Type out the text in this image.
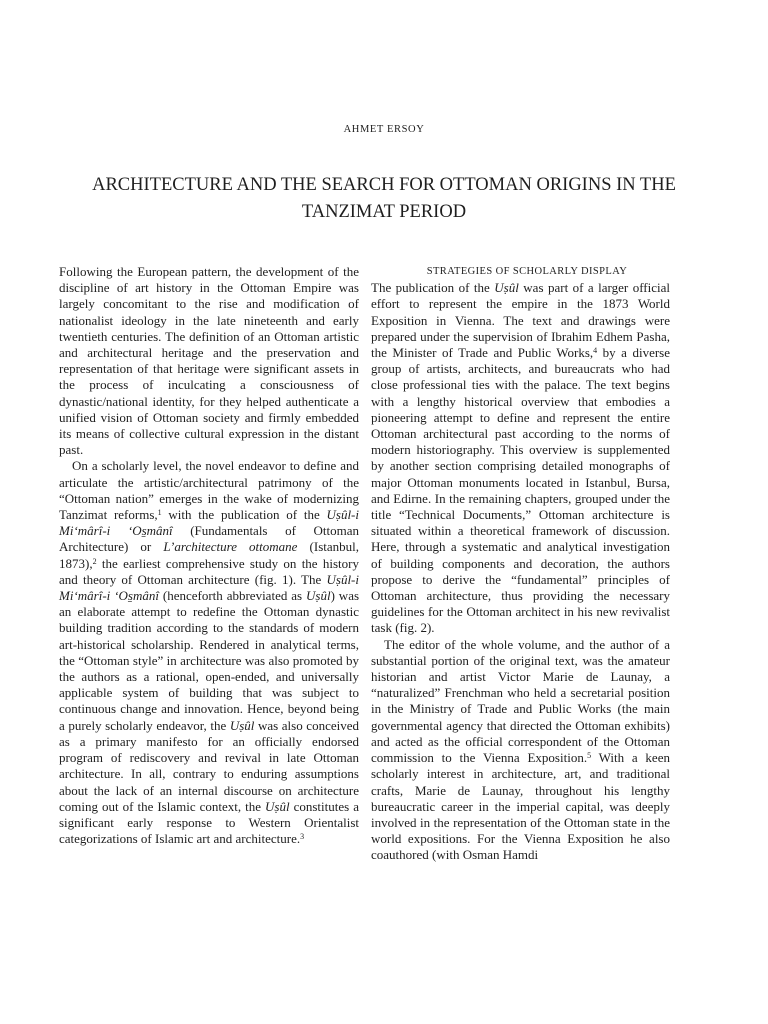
AHMET ERSOY
ARCHITECTURE AND THE SEARCH FOR OTTOMAN ORIGINS IN THE TANZIMAT PERIOD

Following the European pattern, the development of the discipline of art history in the Ottoman Empire was largely concomitant to the rise and modification of nationalist ideology in the late nineteenth and early twentieth centuries. The definition of an Ottoman artistic and architectural heritage and the preservation and representation of that heritage were significant assets in the process of inculcating a consciousness of dynastic/national identity, for they helped authenticate a unified vision of Ottoman society and firmly embedded its means of collective cultural expression in the distant past.

On a scholarly level, the novel endeavor to define and articulate the artistic/architectural patrimony of the “Ottoman nation” emerges in the wake of modernizing Tanzimat reforms,$^1$ with the publication of the Uṣûl-i Mi‘mârî-i ‘Os̱mânî (Fundamentals of Ottoman Architecture) or L’architecture ottomane (Istanbul, 1873),$^2$ the earliest comprehensive study on the history and theory of Ottoman architecture (fig. 1). The Uṣûl-i Mi‘mârî-i ‘Os̱mânî (henceforth abbreviated as Uṣûl) was an elaborate attempt to redefine the Ottoman dynastic building tradition according to the standards of modern art-historical scholarship. Rendered in analytical terms, the “Ottoman style” in architecture was also promoted by the authors as a rational, open-ended, and universally applicable system of building that was subject to continuous change and innovation. Hence, beyond being a purely scholarly endeavor, the Uṣûl was also conceived as a primary manifesto for an officially endorsed program of rediscovery and revival in late Ottoman architecture. In all, contrary to enduring assumptions about the lack of an internal discourse on architecture coming out of the Islamic context, the Uṣûl constitutes a significant early response to Western Orientalist categorizations of Islamic art and architecture.$^3$

STRATEGIES OF SCHOLARLY DISPLAY

The publication of the Uṣûl was part of a larger official effort to represent the empire in the 1873 World Exposition in Vienna. The text and drawings were prepared under the supervision of Ibrahim Edhem Pasha, the Minister of Trade and Public Works,$^4$ by a diverse group of artists, architects, and bureaucrats who had close professional ties with the palace. The text begins with a lengthy historical overview that embodies a pioneering attempt to define and represent the entire Ottoman architectural past according to the norms of modern historiography. This overview is supplemented by another section comprising detailed monographs of major Ottoman monuments located in Istanbul, Bursa, and Edirne. In the remaining chapters, grouped under the title “Technical Documents,” Ottoman architecture is situated within a theoretical framework of discussion. Here, through a systematic and analytical investigation of building components and decoration, the authors propose to derive the “fundamental” principles of Ottoman architecture, thus providing the necessary guidelines for the Ottoman architect in his new revivalist task (fig. 2).

The editor of the whole volume, and the author of a substantial portion of the original text, was the amateur historian and artist Victor Marie de Launay, a “naturalized” Frenchman who held a secretarial position in the Ministry of Trade and Public Works (the main governmental agency that directed the Ottoman exhibits) and acted as the official correspondent of the Ottoman commission to the Vienna Exposition.$^5$ With a keen scholarly interest in architecture, art, and traditional crafts, Marie de Launay, throughout his lengthy bureaucratic career in the imperial capital, was deeply involved in the representation of the Ottoman state in the world expositions. For the Vienna Exposition he also coauthored (with Osman Hamdi
